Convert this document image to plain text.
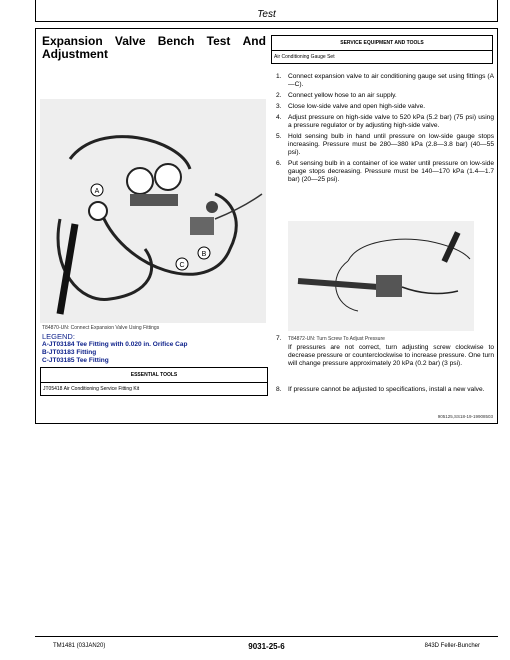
Test
Expansion Valve Bench Test And
Adjustment
A
B
C
T84870-UN: Connect Expansion Valve Using Fittings
LEGEND:
A-JT03184 Tee Fitting with 0.020 in. Orifice Cap
B-JT03183 Fitting
C-JT03185 Tee Fitting
ESSENTIAL TOOLS
JT05418 Air Conditioning Service Fitting Kit
SERVICE EQUIPMENT AND TOOLS
Air Conditioning Gauge Set
1. Connect expansion valve to air conditioning gauge set using fittings (A—C).
2. Connect yellow hose to an air supply.
3. Close low-side valve and open high-side valve.
4. Adjust pressure on high-side valve to 520 kPa (5.2 bar) (75 psi) using a pressure regulator or by adjusting high-side valve.
5. Hold sensing bulb in hand until pressure on low-side gauge stops increasing. Pressure must be 280—380 kPa (2.8—3.8 bar) (40—55 psi).
6. Put sensing bulb in a container of ice water until pressure on low-side gauge stops decreasing. Pressure must be 140—170 kPa (1.4—1.7 bar) (20—25 psi).
7.	T84872-UN: Turn Screw To Adjust Pressure
If pressures are not correct, turn adjusting screw clockwise to decrease pressure or counterclockwise to increase pressure. One turn will change pressure approximately 20 kPa (0.2 bar) (3 psi).
8. If pressure cannot be adjusted to specifications, install a new valve.
905125,SS18-19-19908503
TM1481 (03JAN20)	9031-25-6	843D Feller-Buncher
